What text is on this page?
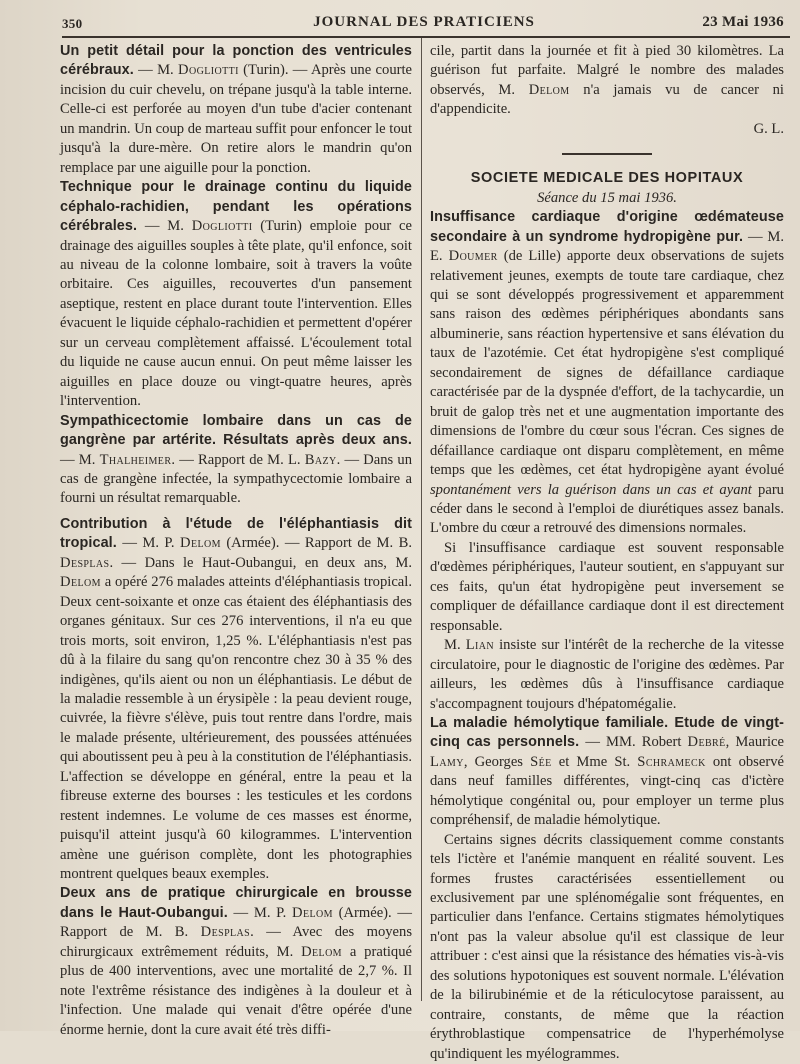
350	JOURNAL DES PRATICIENS	23 Mai 1936

Un petit détail pour la ponction des ventricules cérébraux. — M. Dogliotti (Turin). — Après une courte incision du cuir chevelu, on trépane jusqu'à la table interne. Celle-ci est perforée au moyen d'un tube d'acier contenant un mandrin. Un coup de marteau suffit pour enfoncer le tout jusqu'à la dure-mère. On retire alors le mandrin qu'on remplace par une aiguille pour la ponction.

Technique pour le drainage continu du liquide céphalo-rachidien, pendant les opérations cérébrales. — M. Dogliotti (Turin) emploie pour ce drainage des aiguilles souples à tête plate, qu'il enfonce, soit au niveau de la colonne lombaire, soit à travers la voûte orbitaire. Ces aiguilles, recouvertes d'un pansement aseptique, restent en place durant toute l'intervention. Elles évacuent le liquide céphalo-rachidien et permettent d'opérer sur un cerveau complètement affaissé. L'écoulement total du liquide ne cause aucun ennui. On peut même laisser les aiguilles en place douze ou vingt-quatre heures, après l'intervention.

Sympathicectomie lombaire dans un cas de gangrène par artérite. Résultats après deux ans. — M. Thalheimer. — Rapport de M. L. Bazy. — Dans un cas de grangène infectée, la sympathycectomie lombaire a fourni un résultat remarquable.

Contribution à l'étude de l'éléphantiasis dit tropical. — M. P. Delom (Armée). — Rapport de M. B. Desplas. — Dans le Haut-Oubangui, en deux ans, M. Delom a opéré 276 malades atteints d'éléphantiasis tropical. Deux cent-soixante et onze cas étaient des éléphantiasis des organes génitaux. Sur ces 276 interventions, il n'a eu que trois morts, soit environ, 1,25 %. L'éléphantiasis n'est pas dû à la filaire du sang qu'on rencontre chez 30 à 35 % des indigènes, qu'ils aient ou non un éléphantiasis. Le début de la maladie ressemble à un érysipèle : la peau devient rouge, cuivrée, la fièvre s'élève, puis tout rentre dans l'ordre, mais le malade présente, ultérieurement, des poussées atténuées qui aboutissent peu à peu à la constitution de l'éléphantiasis. L'affection se développe en général, entre la peau et la fibreuse externe des bourses : les testicules et les cordons restent indemnes. Le volume de ces masses est énorme, puisqu'il atteint jusqu'à 60 kilogrammes. L'intervention amène une guérison complète, dont les photographies montrent quelques beaux exemples.

Deux ans de pratique chirurgicale en brousse dans le Haut-Oubangui. — M. P. Delom (Armée). — Rapport de M. B. Desplas. — Avec des moyens chirurgicaux extrêmement réduits, M. Delom a pratiqué plus de 400 interventions, avec une mortalité de 2,7 %. Il note l'extrême résistance des indigènes à la douleur et à l'infection. Une malade qui venait d'être opérée d'une énorme hernie, dont la cure avait été très diffi-

cile, partit dans la journée et fit à pied 30 kilomètres. La guérison fut parfaite. Malgré le nombre des malades observés, M. Delom n'a jamais vu de cancer ni d'appendicite.

G. L.

SOCIETE MEDICALE DES HOPITAUX

Séance du 15 mai 1936.

Insuffisance cardiaque d'origine œdémateuse secondaire à un syndrome hydropigène pur. — M. E. Doumer (de Lille) apporte deux observations de sujets relativement jeunes, exempts de toute tare cardiaque, chez qui se sont développés progressivement et apparemment sans raison des œdèmes périphériques abondants sans albuminerie, sans réaction hypertensive et sans élévation du taux de l'azotémie. Cet état hydropigène s'est compliqué secondairement de signes de défaillance cardiaque caractérisée par de la dyspnée d'effort, de la tachycardie, un bruit de galop très net et une augmentation importante des dimensions de l'ombre du cœur sous l'écran. Ces signes de défaillance cardiaque ont disparu complètement, en même temps que les œdèmes, cet état hydropigène ayant évolué spontanément vers la guérison dans un cas et ayant paru céder dans le second à l'emploi de diurétiques assez banals. L'ombre du cœur a retrouvé des dimensions normales.

Si l'insuffisance cardiaque est souvent responsable d'œdèmes périphériques, l'auteur soutient, en s'appuyant sur ces faits, qu'un état hydropigène peut inversement se compliquer de défaillance cardiaque dont il est directement responsable.

M. Lian insiste sur l'intérêt de la recherche de la vitesse circulatoire, pour le diagnostic de l'origine des œdèmes. Par ailleurs, les œdèmes dûs à l'insuffisance cardiaque s'accompagnent toujours d'hépatomégalie.

La maladie hémolytique familiale. Etude de vingt-cinq cas personnels. — MM. Robert Debré, Maurice Lamy, Georges Sée et Mme St. Schrameck ont observé dans neuf familles différentes, vingt-cinq cas d'ictère hémolytique congénital ou, pour employer un terme plus compréhensif, de maladie hémolytique.

Certains signes décrits classiquement comme constants tels l'ictère et l'anémie manquent en réalité souvent. Les formes frustes caractérisées essentiellement ou exclusivement par une splénomégalie sont fréquentes, en particulier dans l'enfance. Certains stigmates hémolytiques n'ont pas la valeur absolue qu'il est classique de leur attribuer : c'est ainsi que la résistance des hématies vis-à-vis des solutions hypotoniques est souvent normale. L'élévation de la bilirubinémie et de la réticulocytose paraissent, au contraire, constants, de même que la réaction érythroblastique compensatrice de l'hyperhémolyse qu'indiquent les myélogrammes.
